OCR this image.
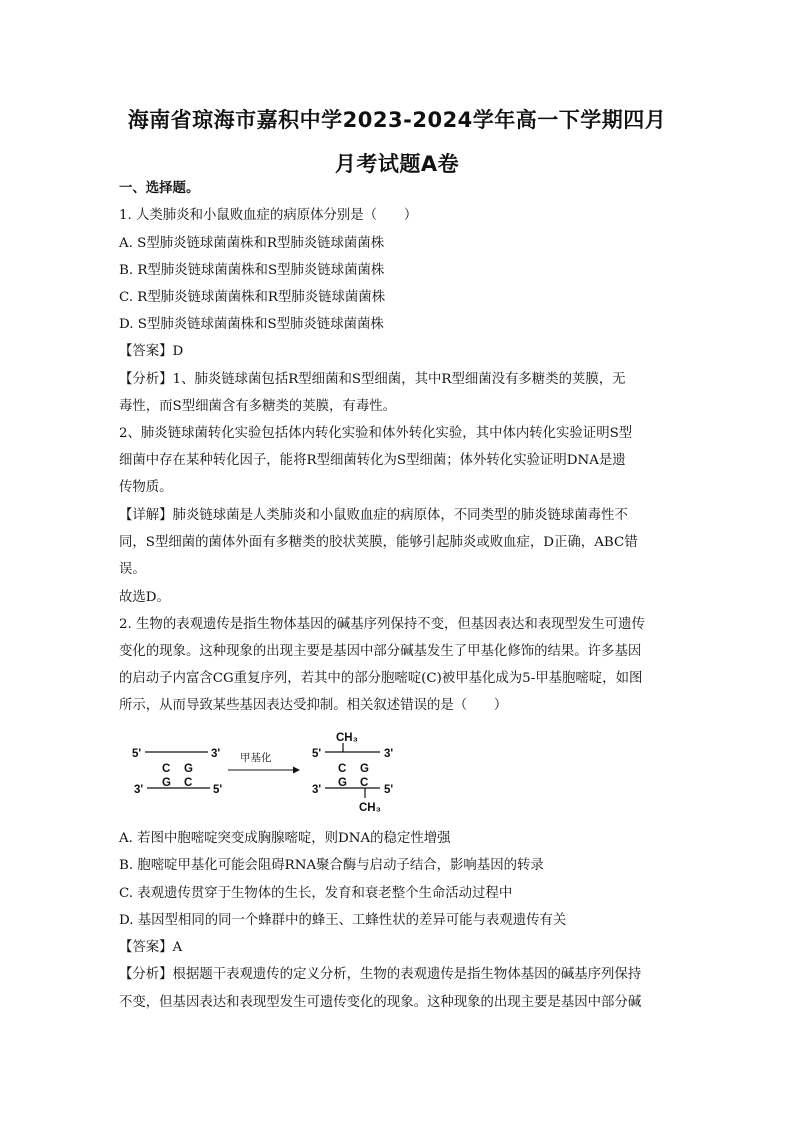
海南省琼海市嘉积中学2023-2024学年高一下学期四月
月考试题A卷
一、选择题。
1. 人类肺炎和小鼠败血症的病原体分别是（　　）
A. S型肺炎链球菌菌株和R型肺炎链球菌菌株
B. R型肺炎链球菌菌株和S型肺炎链球菌菌株
C. R型肺炎链球菌菌株和R型肺炎链球菌菌株
D. S型肺炎链球菌菌株和S型肺炎链球菌菌株
【答案】D
【分析】1、肺炎链球菌包括R型细菌和S型细菌，其中R型细菌没有多糖类的荚膜，无
毒性，而S型细菌含有多糖类的荚膜，有毒性。
2、肺炎链球菌转化实验包括体内转化实验和体外转化实验，其中体内转化实验证明S型
细菌中存在某种转化因子，能将R型细菌转化为S型细菌；体外转化实验证明DNA是遗
传物质。
【详解】肺炎链球菌是人类肺炎和小鼠败血症的病原体，不同类型的肺炎链球菌毒性不
同，S型细菌的菌体外面有多糖类的胶状荚膜，能够引起肺炎或败血症，D正确，ABC错
误。
故选D。
2. 生物的表观遗传是指生物体基因的碱基序列保持不变，但基因表达和表现型发生可遗传
变化的现象。这种现象的出现主要是基因中部分碱基发生了甲基化修饰的结果。许多基因
的启动子内富含CG重复序列，若其中的部分胞嘧啶(C)被甲基化成为5-甲基胞嘧啶，如图
所示，从而导致某些基因表达受抑制。相关叙述错误的是（　　）
5'	3'
C G
G C
3'	5'
甲基化
CH₃
5'	3'
C G
G C
3'	5'
CH₃
A. 若图中胞嘧啶突变成胸腺嘧啶，则DNA的稳定性增强
B. 胞嘧啶甲基化可能会阻碍RNA聚合酶与启动子结合，影响基因的转录
C. 表观遗传贯穿于生物体的生长，发育和衰老整个生命活动过程中
D. 基因型相同的同一个蜂群中的蜂王、工蜂性状的差异可能与表观遗传有关
【答案】A
【分析】根据题干表观遗传的定义分析，生物的表观遗传是指生物体基因的碱基序列保持
不变，但基因表达和表现型发生可遗传变化的现象。这种现象的出现主要是基因中部分碱
